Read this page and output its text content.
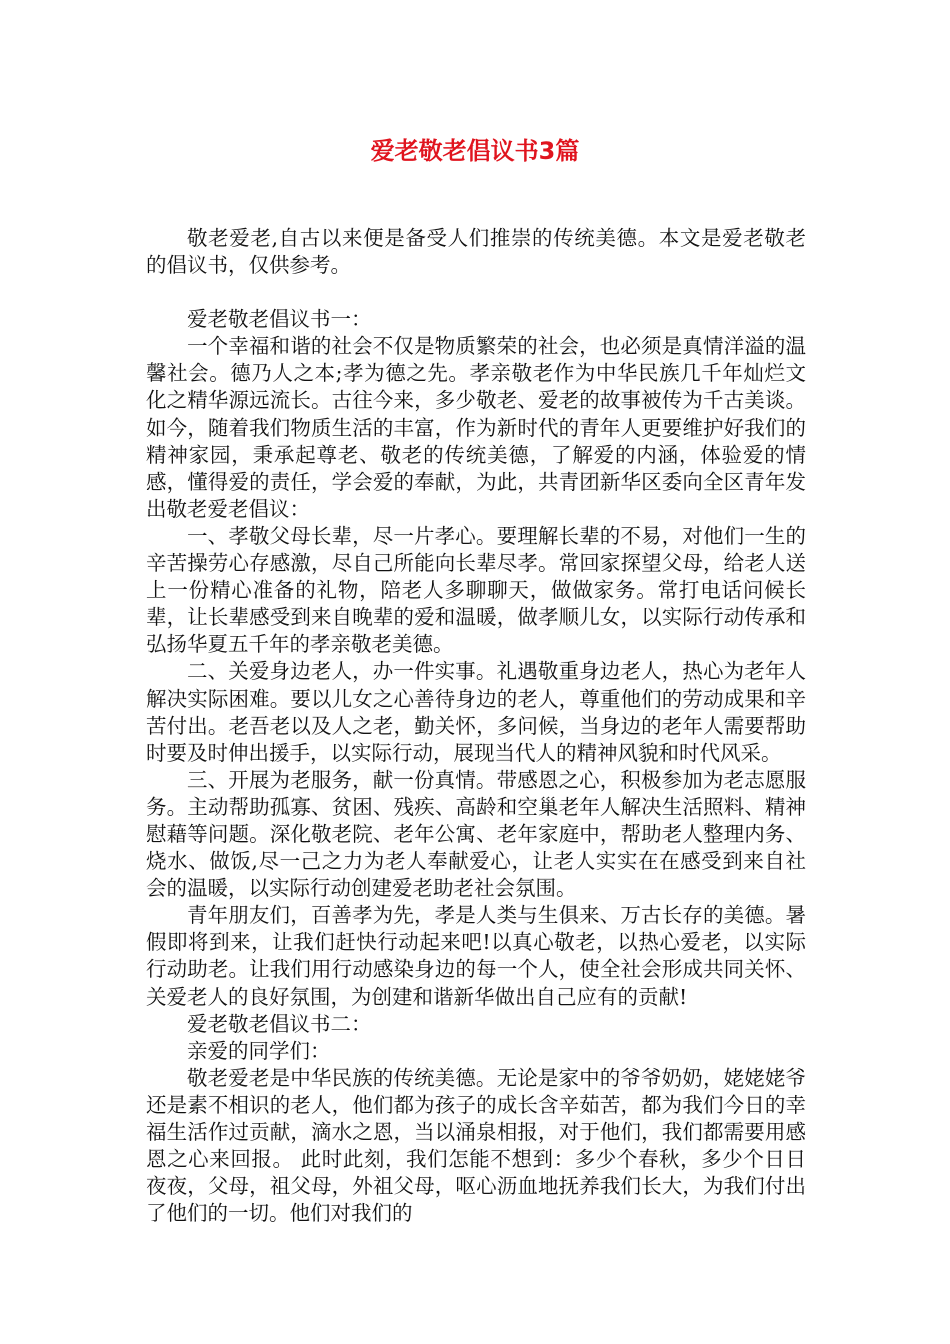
爱老敬老倡议书3篇

敬老爱老,自古以来便是备受人们推崇的传统美德。本文是爱老敬老的倡议书，仅供参考。

爱老敬老倡议书一：

一个幸福和谐的社会不仅是物质繁荣的社会，也必须是真情洋溢的温馨社会。德乃人之本;孝为德之先。孝亲敬老作为中华民族几千年灿烂文化之精华源远流长。古往今来，多少敬老、爱老的故事被传为千古美谈。如今，随着我们物质生活的丰富，作为新时代的青年人更要维护好我们的精神家园，秉承起尊老、敬老的传统美德，了解爱的内涵，体验爱的情感，懂得爱的责任，学会爱的奉献，为此，共青团新华区委向全区青年发出敬老爱老倡议：

一、孝敬父母长辈，尽一片孝心。要理解长辈的不易，对他们一生的辛苦操劳心存感激，尽自己所能向长辈尽孝。常回家探望父母，给老人送上一份精心准备的礼物，陪老人多聊聊天，做做家务。常打电话问候长辈，让长辈感受到来自晚辈的爱和温暖，做孝顺儿女，以实际行动传承和弘扬华夏五千年的孝亲敬老美德。

二、关爱身边老人，办一件实事。礼遇敬重身边老人，热心为老年人解决实际困难。要以儿女之心善待身边的老人，尊重他们的劳动成果和辛苦付出。老吾老以及人之老，勤关怀，多问候，当身边的老年人需要帮助时要及时伸出援手，以实际行动，展现当代人的精神风貌和时代风采。

三、开展为老服务，献一份真情。带感恩之心，积极参加为老志愿服务。主动帮助孤寡、贫困、残疾、高龄和空巢老年人解决生活照料、精神慰藉等问题。深化敬老院、老年公寓、老年家庭中，帮助老人整理内务、烧水、做饭,尽一己之力为老人奉献爱心，让老人实实在在感受到来自社会的温暖，以实际行动创建爱老助老社会氛围。

青年朋友们，百善孝为先，孝是人类与生俱来、万古长存的美德。暑假即将到来，让我们赶快行动起来吧!以真心敬老，以热心爱老，以实际行动助老。让我们用行动感染身边的每一个人，使全社会形成共同关怀、关爱老人的良好氛围，为创建和谐新华做出自己应有的贡献!

爱老敬老倡议书二：

亲爱的同学们：

敬老爱老是中华民族的传统美德。无论是家中的爷爷奶奶，姥姥姥爷还是素不相识的老人，他们都为孩子的成长含辛茹苦，都为我们今日的幸福生活作过贡献，滴水之恩，当以涌泉相报，对于他们，我们都需要用感恩之心来回报。 此时此刻，我们怎能不想到：多少个春秋，多少个日日夜夜，父母，祖父母，外祖父母，呕心沥血地抚养我们长大，为我们付出了他们的一切。他们对我们的
